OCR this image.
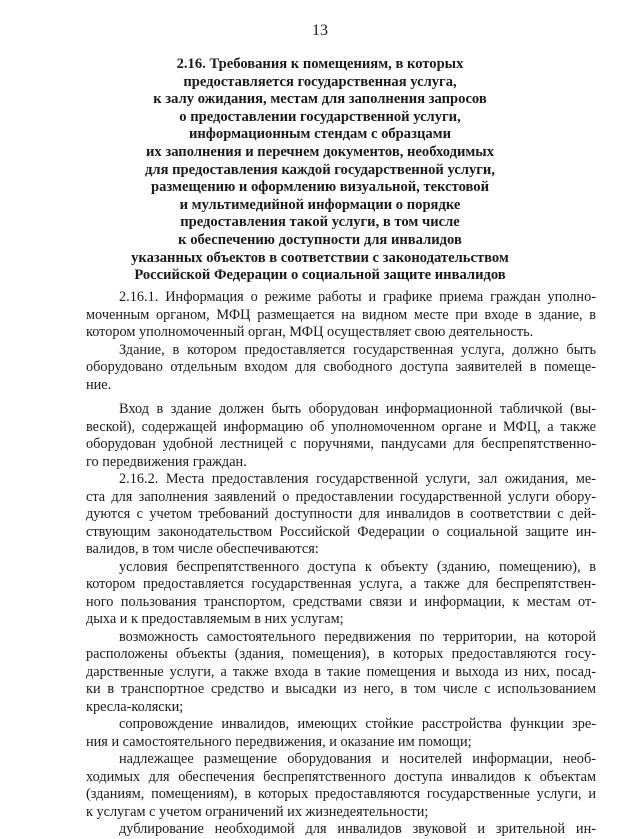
13
2.16. Требования к помещениям, в которых
предоставляется государственная услуга,
к залу ожидания, местам для заполнения запросов
о предоставлении государственной услуги,
информационным стендам с образцами
их заполнения и перечнем документов, необходимых
для предоставления каждой государственной услуги,
размещению и оформлению визуальной, текстовой
и мультимедийной информации о порядке
предоставления такой услуги, в том числе
к обеспечению доступности для инвалидов
указанных объектов в соответствии с законодательством
Российской Федерации о социальной защите инвалидов

2.16.1. Информация о режиме работы и графике приема граждан уполно-
моченным органом, МФЦ размещается на видном месте при входе в здание, в
котором уполномоченный орган, МФЦ осуществляет свою деятельность.

Здание, в котором предоставляется государственная услуга, должно быть
оборудовано отдельным входом для свободного доступа заявителей в помеще-
ние.

Вход в здание должен быть оборудован информационной табличкой (вы-
веской), содержащей информацию об уполномоченном органе и МФЦ, а также
оборудован удобной лестницей с поручнями, пандусами для беспрепятственно-
го передвижения граждан.

2.16.2. Места предоставления государственной услуги, зал ожидания, ме-
ста для заполнения заявлений о предоставлении государственной услуги обору-
дуются с учетом требований доступности для инвалидов в соответствии с дей-
ствующим законодательством Российской Федерации о социальной защите ин-
валидов, в том числе обеспечиваются:

условия беспрепятственного доступа к объекту (зданию, помещению), в
котором предоставляется государственная услуга, а также для беспрепятствен-
ного пользования транспортом, средствами связи и информации, к местам от-
дыха и к предоставляемым в них услугам;

возможность самостоятельного передвижения по территории, на которой
расположены объекты (здания, помещения), в которых предоставляются госу-
дарственные услуги, а также входа в такие помещения и выхода из них, посад-
ки в транспортное средство и высадки из него, в том числе с использованием
кресла-коляски;

сопровождение инвалидов, имеющих стойкие расстройства функции зре-
ния и самостоятельного передвижения, и оказание им помощи;

надлежащее размещение оборудования и носителей информации, необ-
ходимых для обеспечения беспрепятственного доступа инвалидов к объектам
(зданиям, помещениям), в которых предоставляются государственные услуги, и
к услугам с учетом ограничений их жизнедеятельности;

дублирование необходимой для инвалидов звуковой и зрительной ин-
